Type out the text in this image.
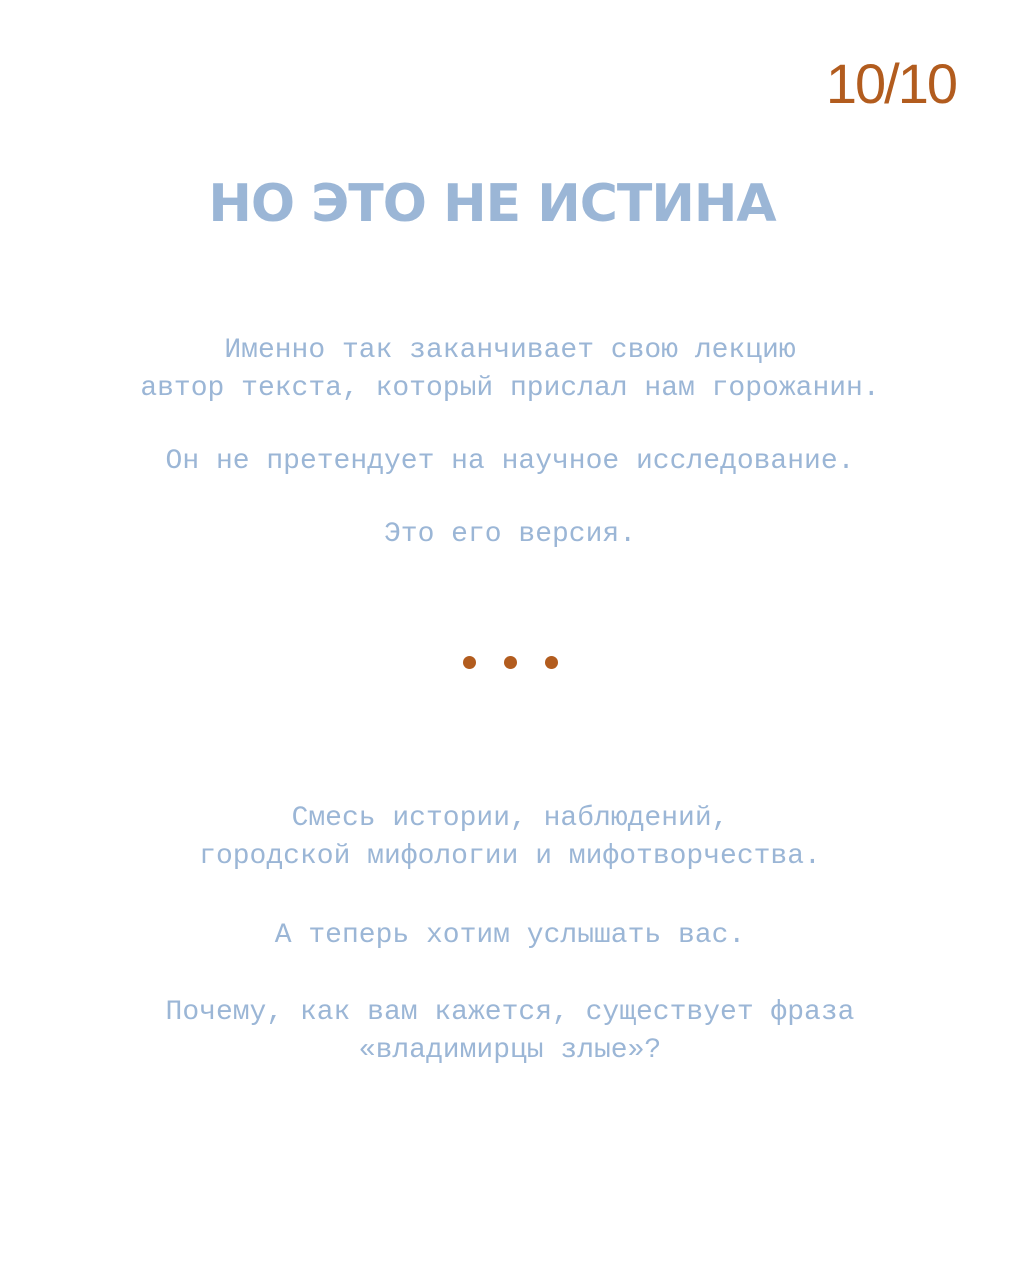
10/10
НО ЭТО НЕ ИСТИНА
Именно так заканчивает свою лекцию
автор текста, который прислал нам горожанин.
Он не претендует на научное исследование.
Это его версия.
Смесь истории, наблюдений,
городской мифологии и мифотворчества.
А теперь хотим услышать вас.
Почему, как вам кажется, существует фраза
«владимирцы злые»?
